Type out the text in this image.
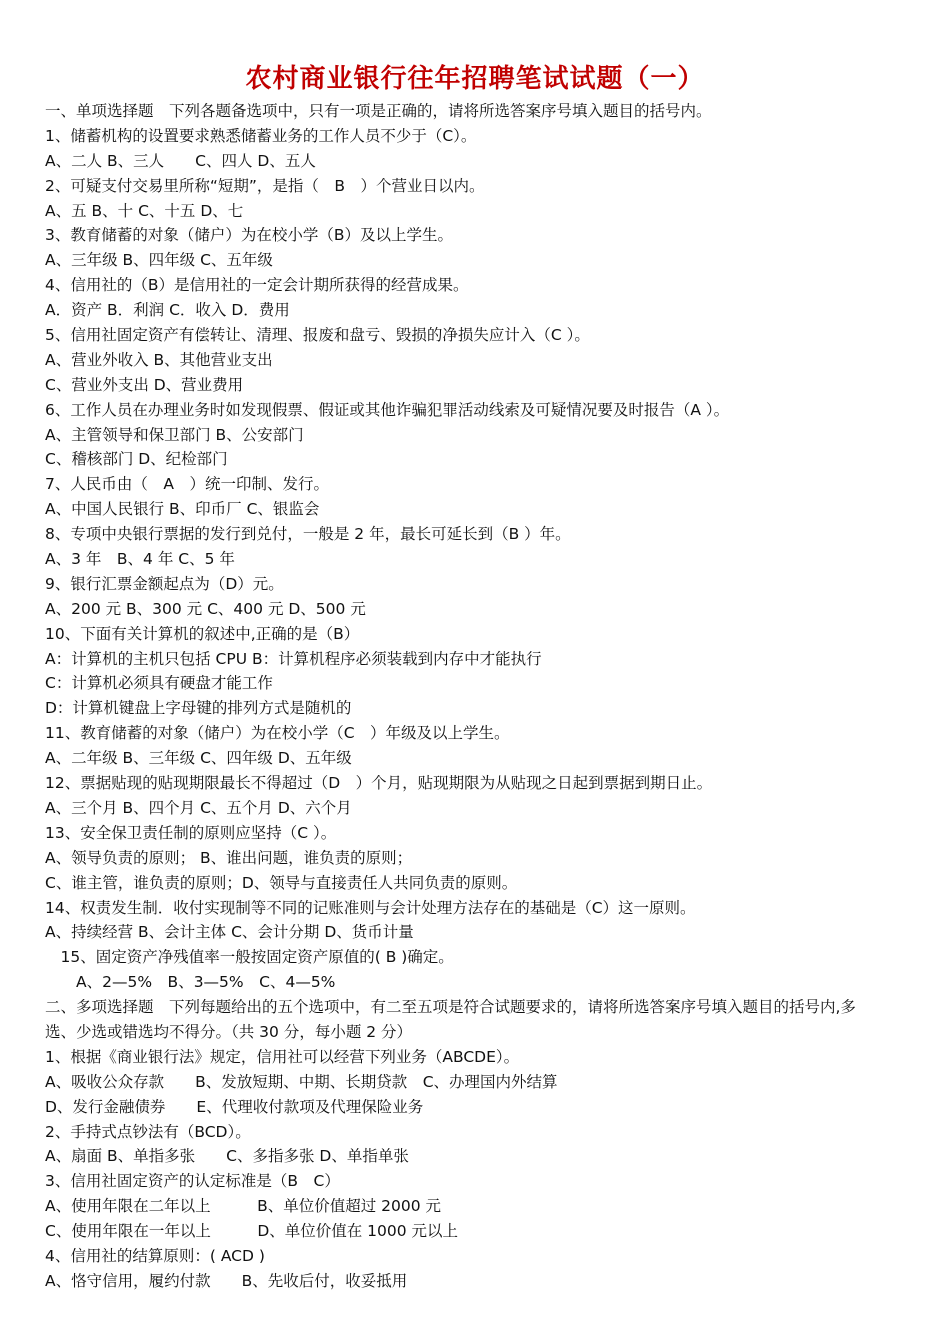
农村商业银行往年招聘笔试试题（一）
一、单项选择题　下列各题备选项中，只有一项是正确的，请将所选答案序号填入题目的括号内。
1、储蓄机构的设置要求熟悉储蓄业务的工作人员不少于（C）。
A、二人 B、三人　　C、四人 D、五人
2、可疑支付交易里所称“短期”，是指（　B　）个营业日以内。
A、五 B、十 C、十五 D、七
3、教育储蓄的对象（储户）为在校小学（B）及以上学生。
A、三年级 B、四年级 C、五年级
4、信用社的（B）是信用社的一定会计期所获得的经营成果。
A．资产 B．利润 C．收入 D．费用
5、信用社固定资产有偿转让、清理、报废和盘亏、毁损的净损失应计入（C ）。
A、营业外收入 B、其他营业支出
C、营业外支出 D、营业费用
6、工作人员在办理业务时如发现假票、假证或其他诈骗犯罪活动线索及可疑情况要及时报告（A ）。
A、主管领导和保卫部门 B、公安部门
C、稽核部门 D、纪检部门
7、人民币由（　A　）统一印制、发行。
A、中国人民银行 B、印币厂 C、银监会
8、专项中央银行票据的发行到兑付，一般是 2 年，最长可延长到（B ）年。
A、3 年　B、4 年 C、5 年
9、银行汇票金额起点为（D）元。
A、200 元 B、300 元 C、400 元 D、500 元
10、下面有关计算机的叙述中,正确的是（B）
A：计算机的主机只包括 CPU B：计算机程序必须装载到内存中才能执行
C：计算机必须具有硬盘才能工作
D：计算机键盘上字母键的排列方式是随机的
11、教育储蓄的对象（储户）为在校小学（C　）年级及以上学生。
A、二年级 B、三年级 C、四年级 D、五年级
12、票据贴现的贴现期限最长不得超过（D　）个月，贴现期限为从贴现之日起到票据到期日止。
A、三个月 B、四个月 C、五个月 D、六个月
13、安全保卫责任制的原则应坚持（C ）。
A、领导负责的原则； B、谁出问题，谁负责的原则；
C、谁主管，谁负责的原则；D、领导与直接责任人共同负责的原则。
14、权责发生制．收付实现制等不同的记账准则与会计处理方法存在的基础是（C）这一原则。
A、持续经营 B、会计主体 C、会计分期 D、货币计量
　15、固定资产净残值率一般按固定资产原值的( B )确定。
　　A、2—5%　B、3—5%　C、4—5%
二、多项选择题　下列每题给出的五个选项中，有二至五项是符合试题要求的，请将所选答案序号填入题目的括号内,多
选、少选或错选均不得分。（共 30 分，每小题 2 分）
1、根据《商业银行法》规定，信用社可以经营下列业务（ABCDE）。
A、吸收公众存款　　B、发放短期、中期、长期贷款　C、办理国内外结算
D、发行金融债券　　E、代理收付款项及代理保险业务
2、手持式点钞法有（BCD）。
A、扇面 B、单指多张　　C、多指多张 D、单指单张
3、信用社固定资产的认定标准是（B　C）
A、使用年限在二年以上　　　B、单位价值超过 2000 元
C、使用年限在一年以上　　　D、单位价值在 1000 元以上
4、信用社的结算原则：( ACD )
A、恪守信用，履约付款　　B、先收后付，收妥抵用
